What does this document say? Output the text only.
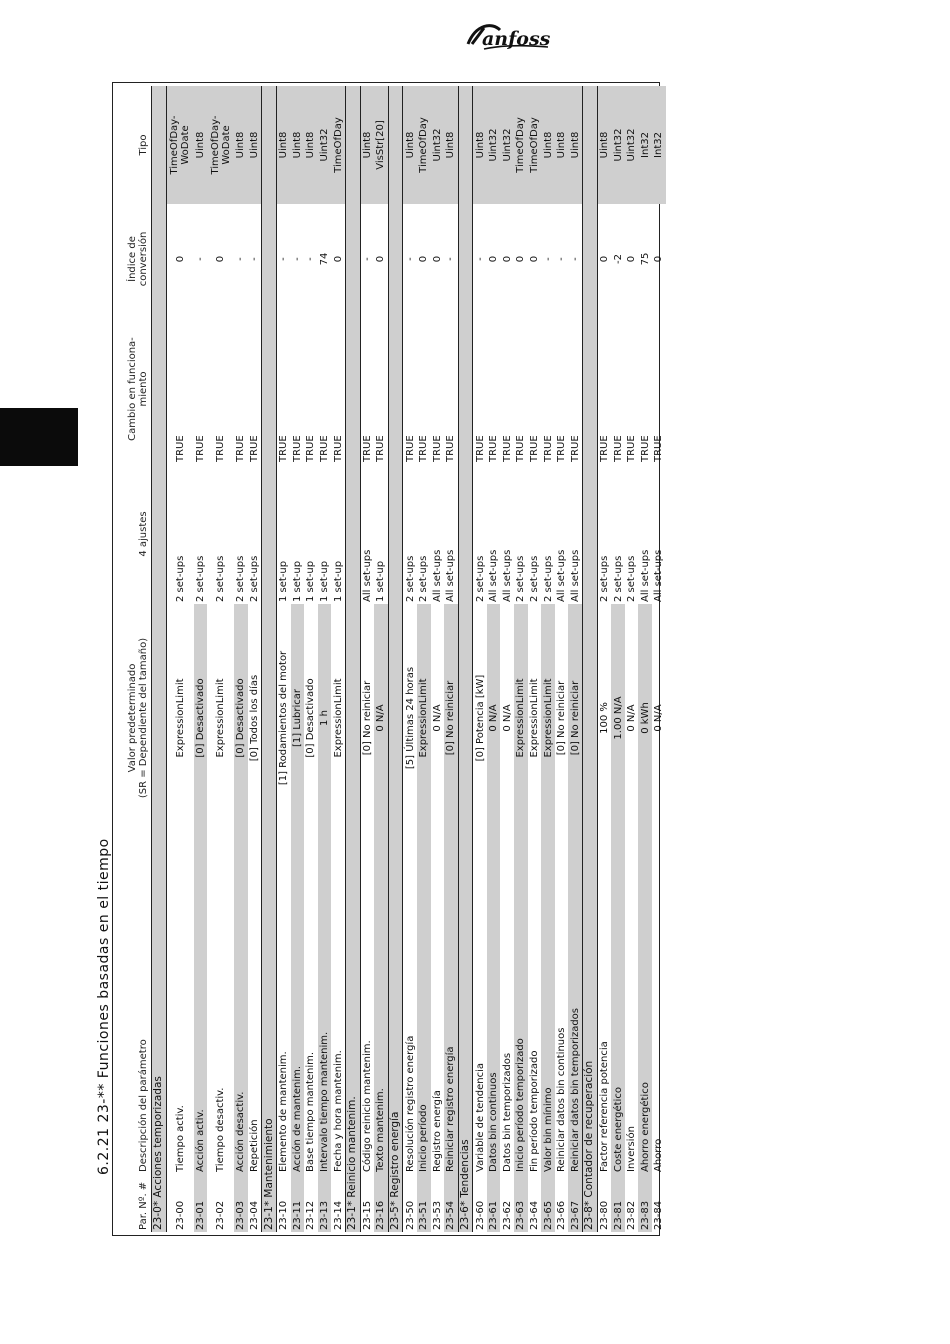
anfoss
6.2.21 23-** Funciones basadas en el tiempo
Par. Nº. #	Descripción del parámetro	Valor predeterminado (SR = Dependiente del tamaño)	4 ajustes	Cambio en funciona- miento	Índice de conversión	Tipo
23-0* Acciones temporizadas						
23-00	Tiempo activ.	ExpressionLimit	2 set-ups	TRUE	0	TimeOfDay- WoDate

23-01	Acción activ.	[0] Desactivado	2 set-ups	TRUE	-	Uint8
23-02	Tiempo desactiv.	ExpressionLimit	2 set-ups	TRUE	0	TimeOfDay- WoDate

23-03	Acción desactiv.	[0] Desactivado	2 set-ups	TRUE	-	Uint8
23-04	Repetición	[0] Todos los días	2 set-ups	TRUE	-	Uint8
23-1* Mantenimiento						
23-10	Elemento de mantenim.	[1] Rodamientos del motor	1 set-up	TRUE	-	Uint8
23-11	Acción de mantenim.	[1] Lubricar	1 set-up	TRUE	-	Uint8
23-12	Base tiempo mantenim.	[0] Desactivado	1 set-up	TRUE	-	Uint8
23-13	Intervalo tiempo mantenim.	1 h	1 set-up	TRUE	74	Uint32
23-14	Fecha y hora mantenim.	ExpressionLimit	1 set-up	TRUE	0	TimeOfDay
23-1* Reinicio mantenim.						
23-15	Código reinicio mantenim.	[0] No reiniciar	All set-ups	TRUE	-	Uint8
23-16	Texto mantenim.	0 N/A	1 set-up	TRUE	0	VisStr[20]
23-5* Registro energía						
23-50	Resolución registro energía	[5] Últimas 24 horas	2 set-ups	TRUE	-	Uint8
23-51	Inicio período	ExpressionLimit	2 set-ups	TRUE	0	TimeOfDay
23-53	Registro energía	0 N/A	All set-ups	TRUE	0	Uint32
23-54	Reiniciar registro energía	[0] No reiniciar	All set-ups	TRUE	-	Uint8
23-6* Tendencias						
23-60	Variable de tendencia	[0] Potencia [kW]	2 set-ups	TRUE	-	Uint8
23-61	Datos bin continuos	0 N/A	All set-ups	TRUE	0	Uint32
23-62	Datos bin temporizados	0 N/A	All set-ups	TRUE	0	Uint32
23-63	Inicio período temporizado	ExpressionLimit	2 set-ups	TRUE	0	TimeOfDay
23-64	Fin período temporizado	ExpressionLimit	2 set-ups	TRUE	0	TimeOfDay
23-65	Valor bin mínimo	ExpressionLimit	2 set-ups	TRUE	-	Uint8
23-66	Reiniciar datos bin continuos	[0] No reiniciar	All set-ups	TRUE	-	Uint8
23-67	Reiniciar datos bin temporizados	[0] No reiniciar	All set-ups	TRUE	-	Uint8
23-8* Contador de recuperación						
23-80	Factor referencia potencia	100 %	2 set-ups	TRUE	0	Uint8
23-81	Coste energético	1.00 N/A	2 set-ups	TRUE	-2	Uint32
23-82	Inversión	0 N/A	2 set-ups	TRUE	0	Uint32
23-83	Ahorro energético	0 kWh	All set-ups	TRUE	75	Int32
23-84	Ahorro	0 N/A	All set-ups	TRUE	0	Int32
